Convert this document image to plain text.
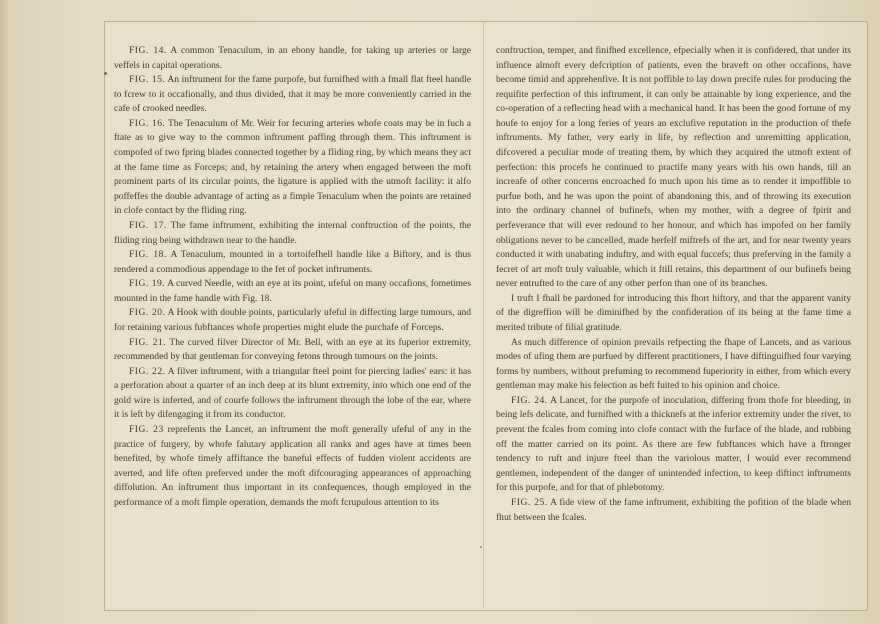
FIG. 14. A common Tenaculum, in an ebony handle, for taking up arteries or large veffels in capital operations.

FIG. 15. An inftrument for the fame purpofe, but furnifhed with a fmall flat fteel handle to fcrew to it occafionally, and thus divided, that it may be more conveniently carried in the cafe of crooked needles.

FIG. 16. The Tenaculum of Mr. Weir for fecuring arteries whofe coats may be in fuch a ftate as to give way to the common inftrument paffing through them. This inftrument is compofed of two fpring blades connected together by a fliding ring, by which means they act at the fame time as Forceps; and, by retaining the artery when engaged between the moft prominent parts of its circular points, the ligature is applied with the utmoft facility: it alfo poffeffes the double advantage of acting as a fimple Tenaculum when the points are retained in clofe contact by the fliding ring.

FIG. 17. The fame inftrument, exhibiting the internal conftruction of the points, the fliding ring being withdrawn near to the handle.

FIG. 18. A Tenaculum, mounted in a tortoifefhell handle like a Biftory, and is thus rendered a commodious appendage to the fet of pocket inftruments.

FIG. 19. A curved Needle, with an eye at its point, ufeful on many occafions, fometimes mounted in the fame handle with Fig. 18.

FIG. 20. A Hook with double points, particularly ufeful in diffecting large tumours, and for retaining various fubftances whofe properties might elude the purchafe of Forceps.

FIG. 21. The curved filver Director of Mr. Bell, with an eye at its fuperior extremity, recommended by that gentleman for conveying fetons through tumours on the joints.

FIG. 22. A filver inftrument, with a triangular fteel point for piercing ladies' ears: it has a perforation about a quarter of an inch deep at its blunt extremity, into which one end of the gold wire is inferted, and of courfe follows the inftrument through the lobe of the ear, where it is left by difengaging it from its conductor.

FIG. 23 reprefents the Lancet, an inftrument the moft generally ufeful of any in the practice of furgery, by whofe falutary application all ranks and ages have at times been benefited, by whofe timely affiftance the baneful effects of fudden violent accidents are averted, and life often preferved under the moft difcouraging appearances of approaching diffolution. An inftrument thus important in its confequences, though employed in the performance of a moft fimple operation, demands the moft fcrupulous attention to its

conftruction, temper, and finifhed excellence, efpecially when it is confidered, that under its influence almoft every defcription of patients, even the braveft on other occafions, have become timid and apprehenfive. It is not poffible to lay down precife rules for producing the requifite perfection of this inftrument, it can only be attainable by long experience, and the co-operation of a reflecting head with a mechanical hand. It has been the good fortune of my houfe to enjoy for a long feries of years an exclufive reputation in the production of thefe inftruments. My father, very early in life, by reflection and unremitting application, difcovered a peculiar mode of treating them, by which they acquired the utmoft extent of perfection: this procefs he continued to practife many years with his own hands, till an increafe of other concerns encroached fo much upon his time as to render it impoffible to purfue both, and he was upon the point of abandoning this, and of throwing its execution into the ordinary channel of bufinefs, when my mother, with a degree of fpirit and perfeverance that will ever redound to her honour, and which has impofed on her family obligations never to be cancelled, made herfelf miftrefs of the art, and for near twenty years conducted it with unabating induftry, and with equal fuccefs; thus preferving in the family a fecret of art moft truly valuable, which it ftill retains, this department of our bufinefs being never entrufted to the care of any other perfon than one of its branches.

I truft I fhall be pardoned for introducing this fhort hiftory, and that the apparent vanity of the digreffion will be diminifhed by the confideration of its being at the fame time a merited tribute of filial gratitude.

As much difference of opinion prevails refpecting the fhape of Lancets, and as various modes of ufing them are purfued by different practitioners, I have diftinguifhed four varying forms by numbers, without prefuming to recommend fuperiority in either, from which every gentleman may make his felection as beft fuited to his opinion and choice.

FIG. 24. A Lancet, for the purpofe of inoculation, differing from thofe for bleeding, in being lefs delicate, and furnifhed with a thicknefs at the inferior extremity under the rivet, to prevent the fcales from coming into clofe contact with the furface of the blade, and rubbing off the matter carried on its point. As there are few fubftances which have a ftronger tendency to ruft and injure fteel than the variolous matter, I would ever recommend gentlemen, independent of the danger of unintended infection, to keep diftinct inftruments for this purpofe, and for that of phlebotomy.

FIG. 25. A fide view of the fame inftrument, exhibiting the pofition of the blade when fhut between the fcales.
